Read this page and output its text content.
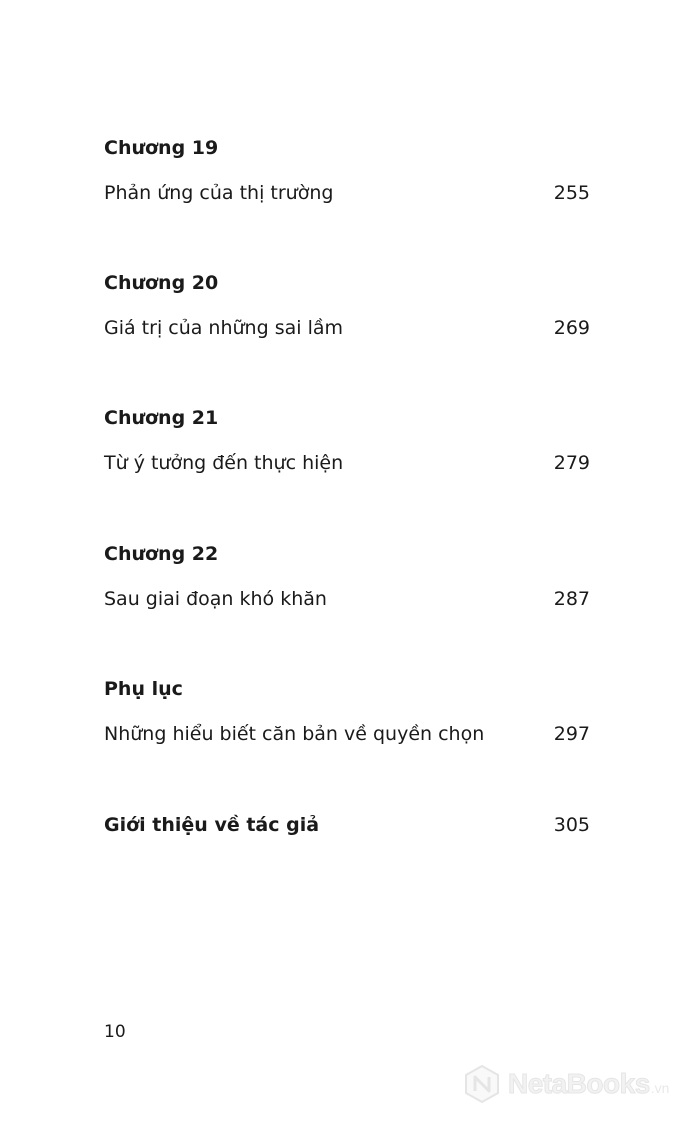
Chương 19
Phản ứng của thị trường	255
Chương 20
Giá trị của những sai lầm	269
Chương 21
Từ ý tưởng đến thực hiện	279
Chương 22
Sau giai đoạn khó khăn	287
Phụ lục
Những hiểu biết căn bản về quyền chọn	297
Giới thiệu về tác giả	305
10
NetaBooks .vn
